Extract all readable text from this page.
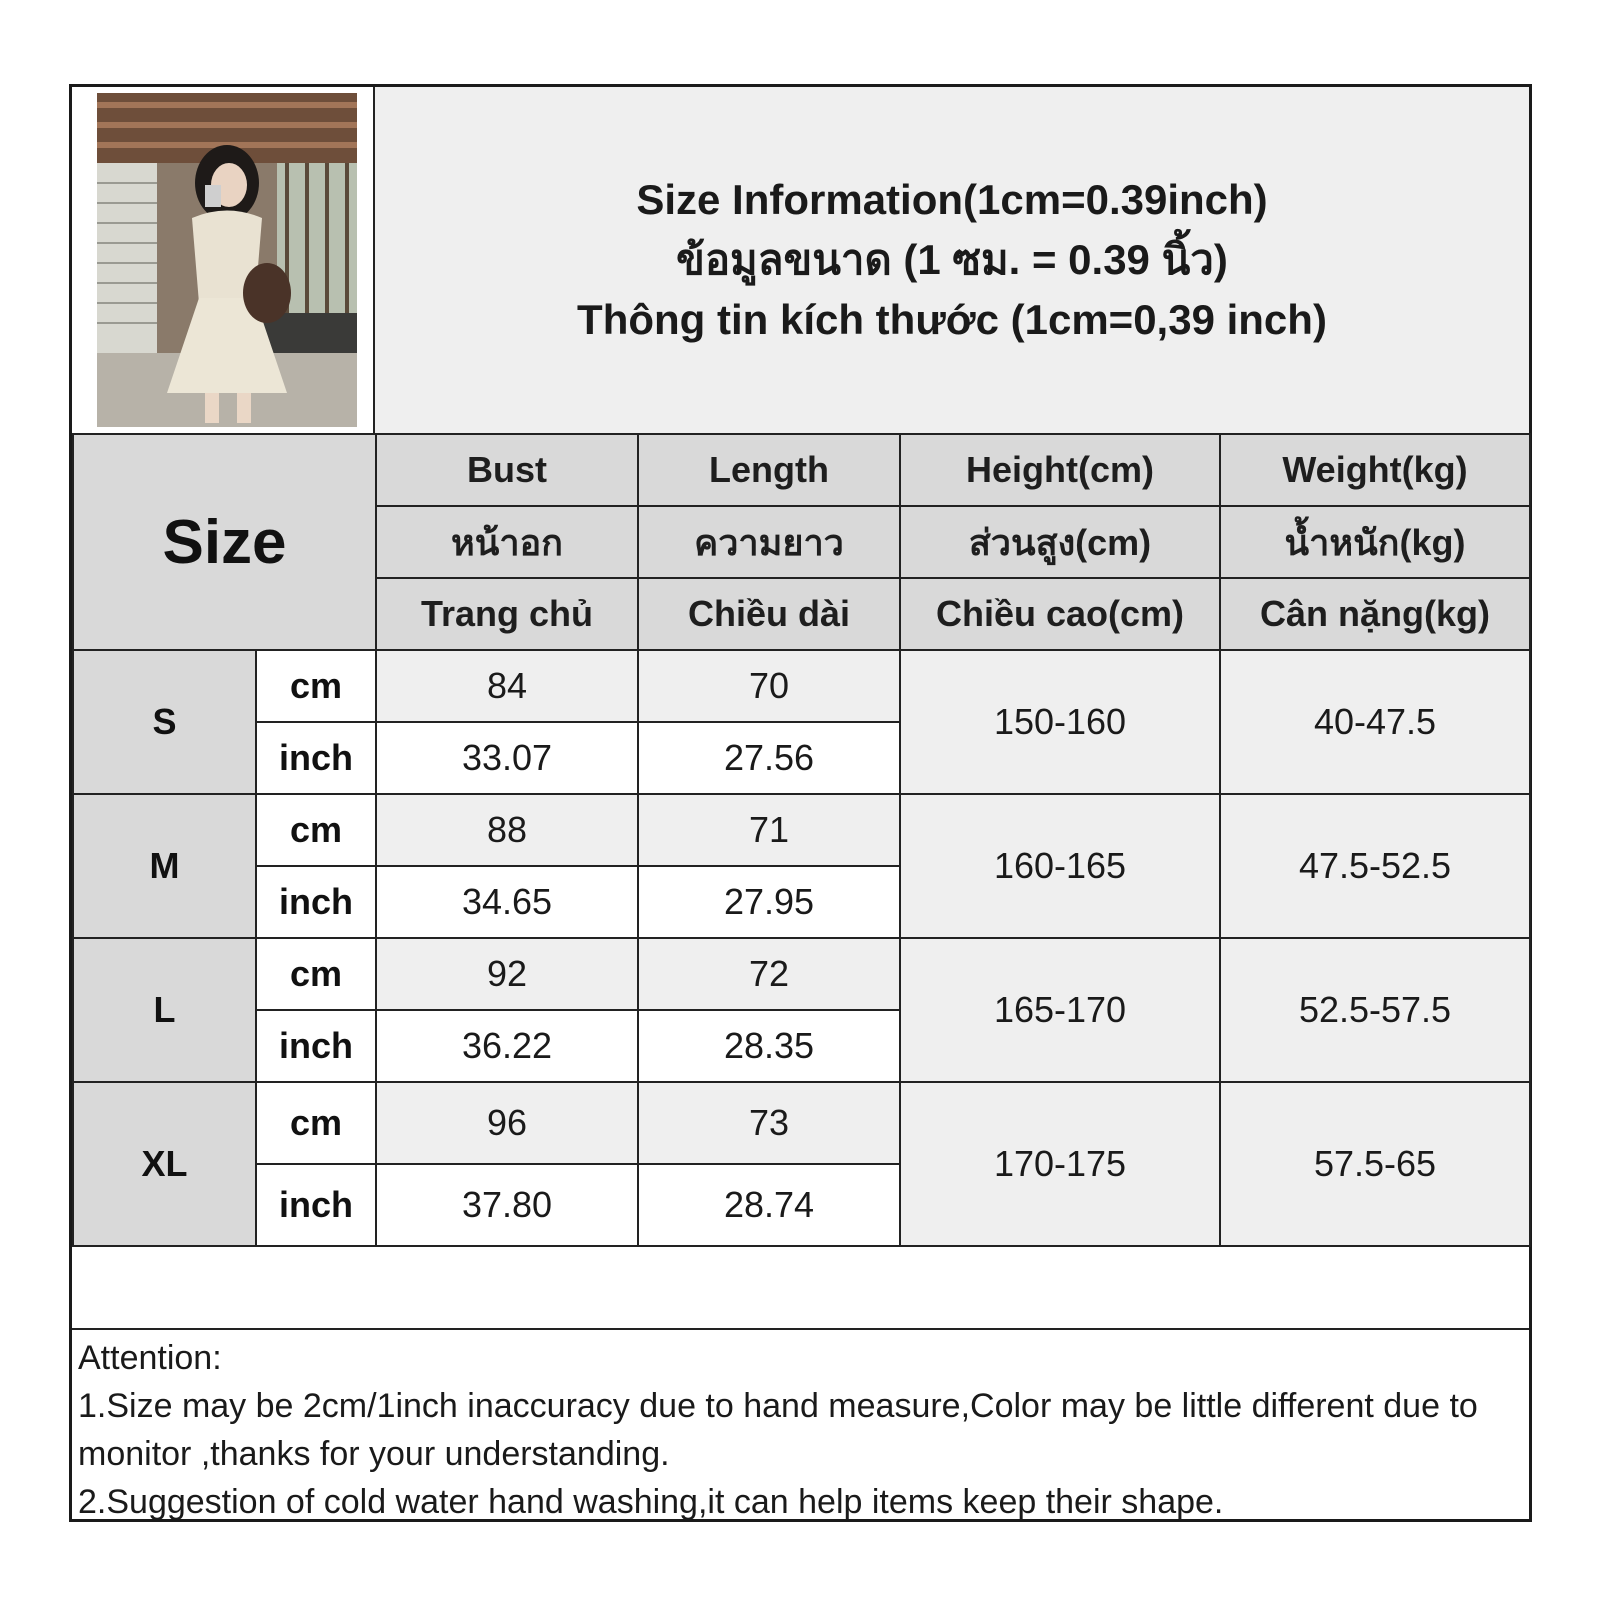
Size Information(1cm=0.39inch)
ข้อมูลขนาด (1 ซม. = 0.39 นิ้ว)
Thông tin kích thước (1cm=0,39 inch)
Size		Bust	Length	Height(cm)	Weight(kg)
		หน้าอก	ความยาว	ส่วนสูง(cm)	น้ำหนัก(kg)
		Trang chủ	Chiều dài	Chiều cao(cm)	Cân nặng(kg)
S	cm	84	70	150-160	40-47.5
	inch	33.07	27.56		
M	cm	88	71	160-165	47.5-52.5
	inch	34.65	27.95		
L	cm	92	72	165-170	52.5-57.5
	inch	36.22	28.35		
XL	cm	96	73	170-175	57.5-65
	inch	37.80	28.74		
Attention:
1.Size may be 2cm/1inch inaccuracy due to hand measure,Color may be little different due to monitor ,thanks for your understanding.
2.Suggestion of cold water hand washing,it can help items keep their shape.
